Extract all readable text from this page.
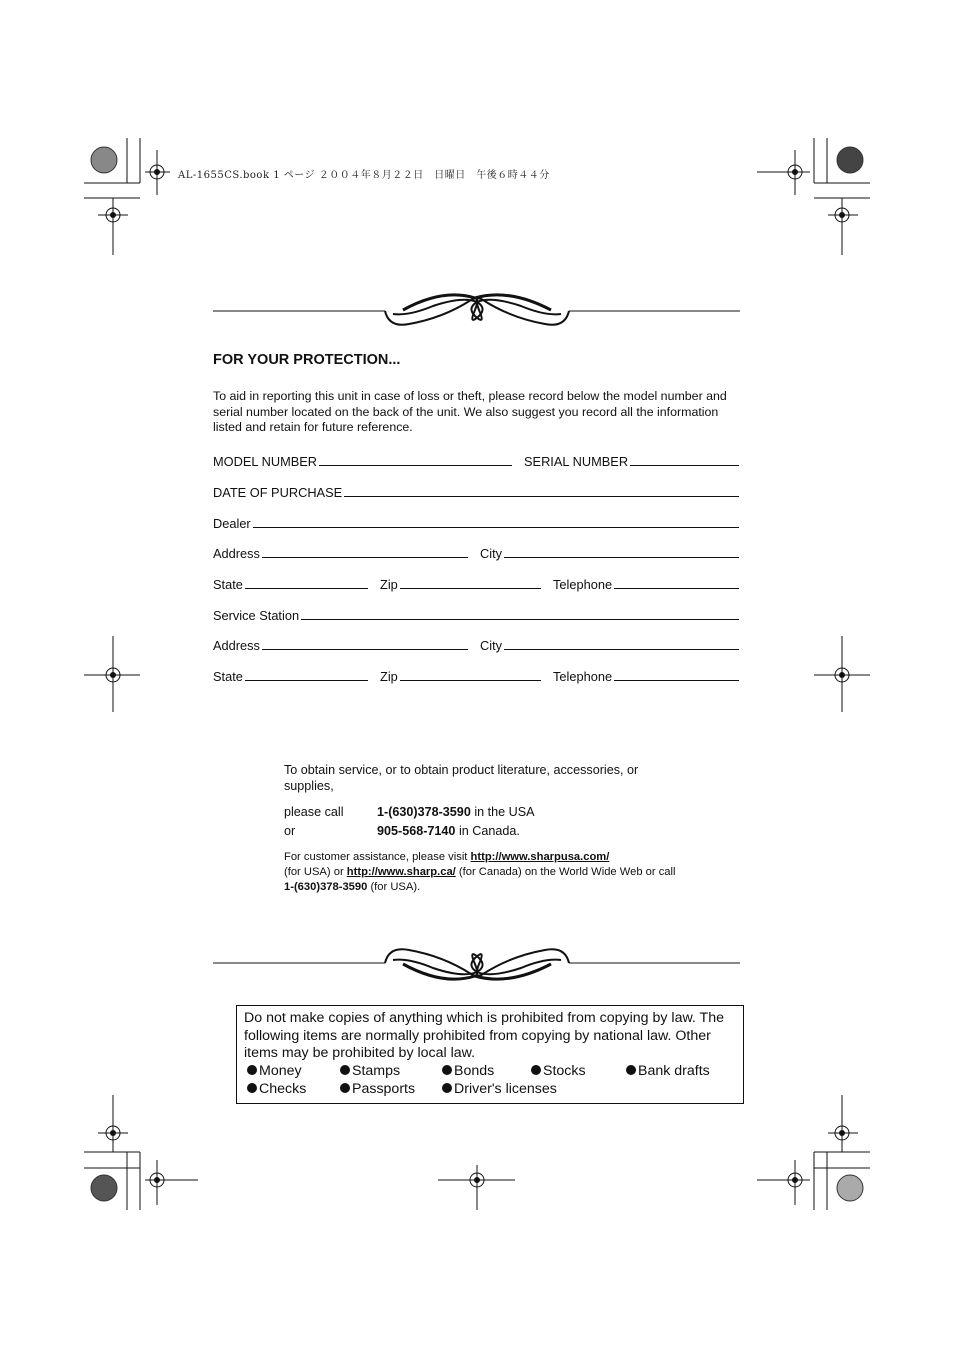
AL-1655CS.book 1 ページ ２００４年８月２２日　日曜日　午後６時４４分
FOR YOUR PROTECTION...
To aid in reporting this unit in case of loss or theft, please record below the model number and serial number located on the back of the unit. We also suggest you record all the information listed and retain for future reference.
MODEL NUMBER	SERIAL NUMBER
DATE OF PURCHASE
Dealer
Address	City
State	Zip	Telephone
Service Station
Address	City
State	Zip	Telephone
To obtain service, or to obtain product literature, accessories, or supplies,
please call	1-(630)378-3590 in the USA
or	905-568-7140 in Canada.
For customer assistance, please visit http://www.sharpusa.com/
(for USA) or http://www.sharp.ca/ (for Canada) on the World Wide Web or call 1-(630)378-3590 (for USA).
Do not make copies of anything which is prohibited from copying by law. The following items are normally prohibited from copying by national law. Other items may be prohibited by local law.
Money	Stamps	Bonds	Stocks	Bank drafts
Checks	Passports	Driver's licenses
